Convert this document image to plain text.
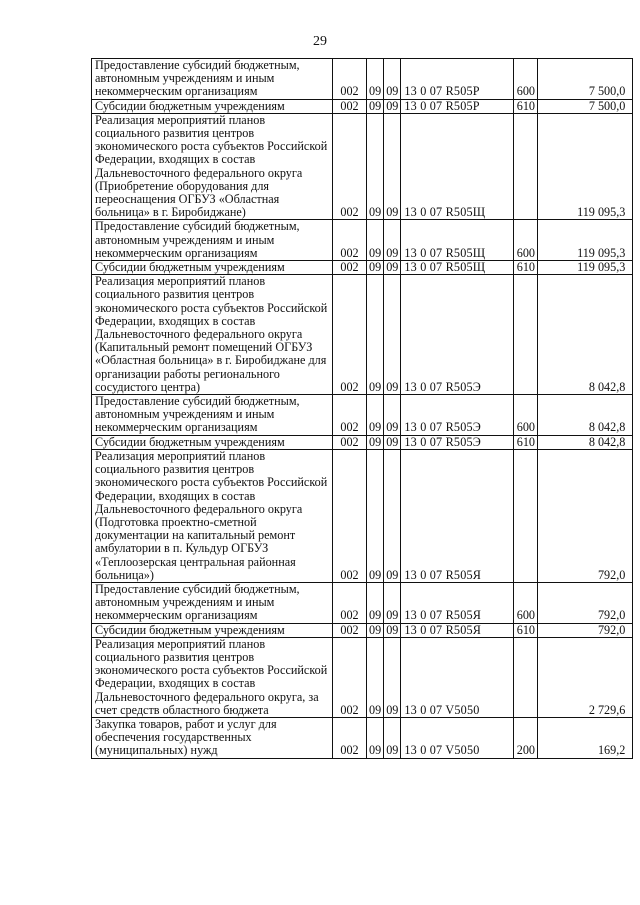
29
Предоставление субсидий бюджетным, автономным учреждениям и иным некоммерческим организациям	002	09	09	13 0 07 R505Р	600	7 500,0
Субсидии бюджетным учреждениям	002	09	09	13 0 07 R505Р	610	7 500,0
Реализация мероприятий планов социального развития центров экономического роста субъектов Российской Федерации, входящих в состав Дальневосточного федерального округа (Приобретение оборудования для переоснащения ОГБУЗ «Областная больница» в г. Биробиджане)	002	09	09	13 0 07 R505Щ		119 095,3
Предоставление субсидий бюджетным, автономным учреждениям и иным некоммерческим организациям	002	09	09	13 0 07 R505Щ	600	119 095,3
Субсидии бюджетным учреждениям	002	09	09	13 0 07 R505Щ	610	119 095,3
Реализация мероприятий планов социального развития центров экономического роста субъектов Российской Федерации, входящих в состав Дальневосточного федерального округа (Капитальный ремонт помещений ОГБУЗ «Областная больница» в г. Биробиджане для организации работы регионального сосудистого центра)	002	09	09	13 0 07 R505Э		8 042,8
Предоставление субсидий бюджетным, автономным учреждениям и иным некоммерческим организациям	002	09	09	13 0 07 R505Э	600	8 042,8
Субсидии бюджетным учреждениям	002	09	09	13 0 07 R505Э	610	8 042,8
Реализация мероприятий планов социального развития центров экономического роста субъектов Российской Федерации, входящих в состав Дальневосточного федерального округа (Подготовка проектно-сметной документации на капитальный ремонт амбулатории в п. Кульдур ОГБУЗ «Теплоозерская центральная районная больница»)	002	09	09	13 0 07 R505Я		792,0
Предоставление субсидий бюджетным, автономным учреждениям и иным некоммерческим организациям	002	09	09	13 0 07 R505Я	600	792,0
Субсидии бюджетным учреждениям	002	09	09	13 0 07 R505Я	610	792,0
Реализация мероприятий планов социального развития центров экономического роста субъектов Российской Федерации, входящих в состав Дальневосточного федерального округа, за счет средств областного бюджета	002	09	09	13 0 07 V5050		2 729,6
Закупка товаров, работ и услуг для обеспечения государственных (муниципальных) нужд	002	09	09	13 0 07 V5050	200	169,2
